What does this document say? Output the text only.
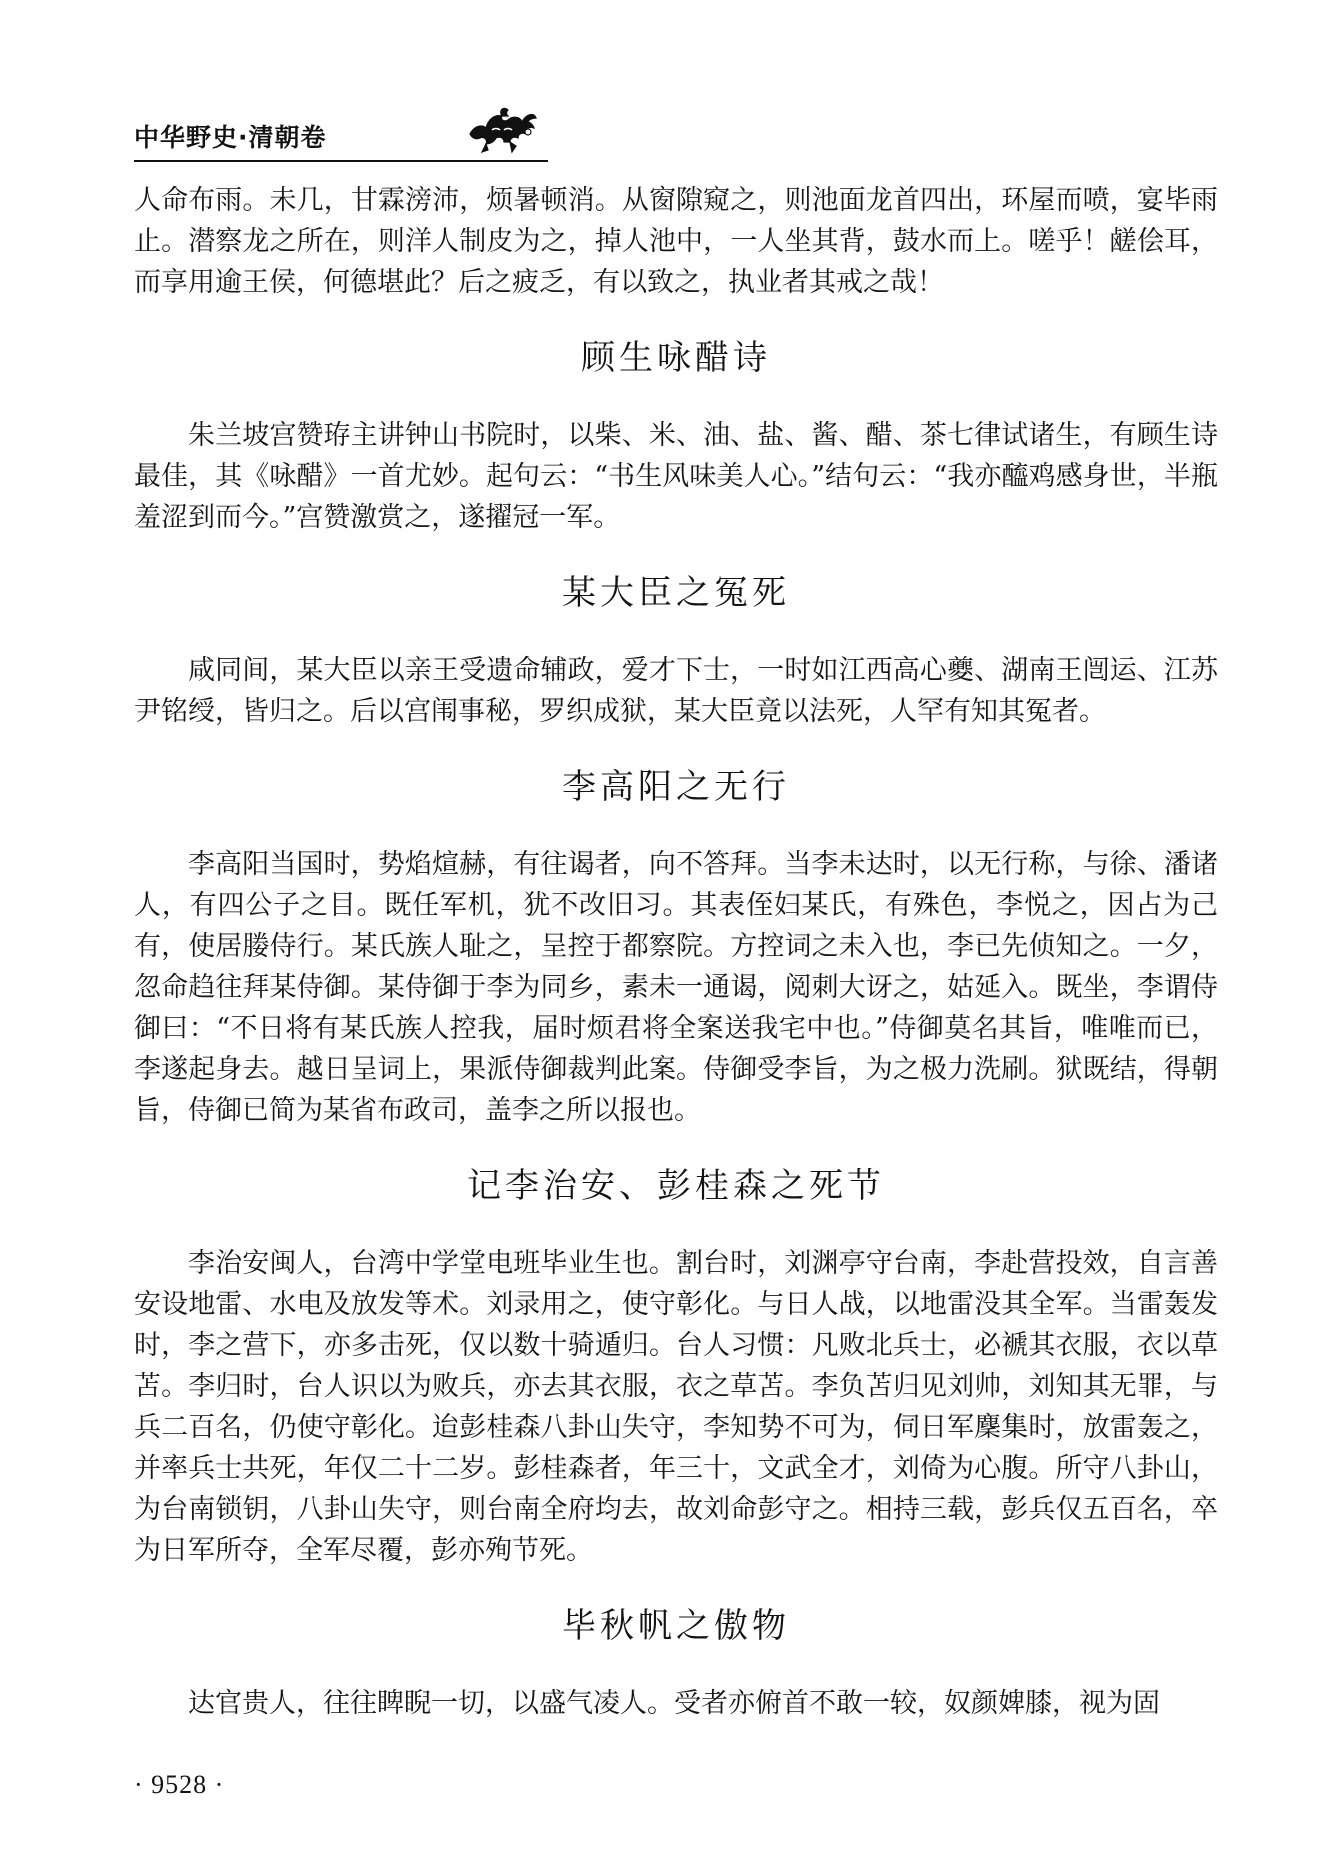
中华野史·清朝卷

人命布雨。未几，甘霖滂沛，烦暑顿消。从窗隙窥之，则池面龙首四出，环屋而喷，宴毕雨止。潜察龙之所在，则洋人制皮为之，掉人池中，一人坐其背，鼓水而上。嗟乎！鹾侩耳，而享用逾王侯，何德堪此？后之疲乏，有以致之，执业者其戒之哉！

顾生咏醋诗

朱兰坡宫赞珔主讲钟山书院时，以柴、米、油、盐、酱、醋、茶七律试诸生，有顾生诗最佳，其《咏醋》一首尤妙。起句云：“书生风味美人心。”结句云：“我亦醯鸡感身世，半瓶羞涩到而今。”宫赞激赏之，遂擢冠一军。

某大臣之冤死

咸同间，某大臣以亲王受遗命辅政，爱才下士，一时如江西高心夔、湖南王闿运、江苏尹铭绶，皆归之。后以宫闱事秘，罗织成狱，某大臣竟以法死，人罕有知其冤者。

李高阳之无行

李高阳当国时，势焰煊赫，有往谒者，向不答拜。当李未达时，以无行称，与徐、潘诸人，有四公子之目。既任军机，犹不改旧习。其表侄妇某氏，有殊色，李悦之，因占为己有，使居媵侍行。某氏族人耻之，呈控于都察院。方控词之未入也，李已先侦知之。一夕，忽命趋往拜某侍御。某侍御于李为同乡，素未一通谒，阅刺大讶之，姑延入。既坐，李谓侍御曰：“不日将有某氏族人控我，届时烦君将全案送我宅中也。”侍御莫名其旨，唯唯而已，李遂起身去。越日呈词上，果派侍御裁判此案。侍御受李旨，为之极力洗刷。狱既结，得朝旨，侍御已简为某省布政司，盖李之所以报也。

记李治安、彭桂森之死节

李治安闽人，台湾中学堂电班毕业生也。割台时，刘渊亭守台南，李赴营投效，自言善安设地雷、水电及放发等术。刘录用之，使守彰化。与日人战，以地雷没其全军。当雷轰发时，李之营下，亦多击死，仅以数十骑遁归。台人习惯：凡败北兵士，必褫其衣服，衣以草苫。李归时，台人识以为败兵，亦去其衣服，衣之草苫。李负苫归见刘帅，刘知其无罪，与兵二百名，仍使守彰化。迨彭桂森八卦山失守，李知势不可为，伺日军麇集时，放雷轰之，并率兵士共死，年仅二十二岁。彭桂森者，年三十，文武全才，刘倚为心腹。所守八卦山，为台南锁钥，八卦山失守，则台南全府均去，故刘命彭守之。相持三载，彭兵仅五百名，卒为日军所夺，全军尽覆，彭亦殉节死。

毕秋帆之傲物

达官贵人，往往睥睨一切，以盛气凌人。受者亦俯首不敢一较，奴颜婢膝，视为固

· 9528 ·
